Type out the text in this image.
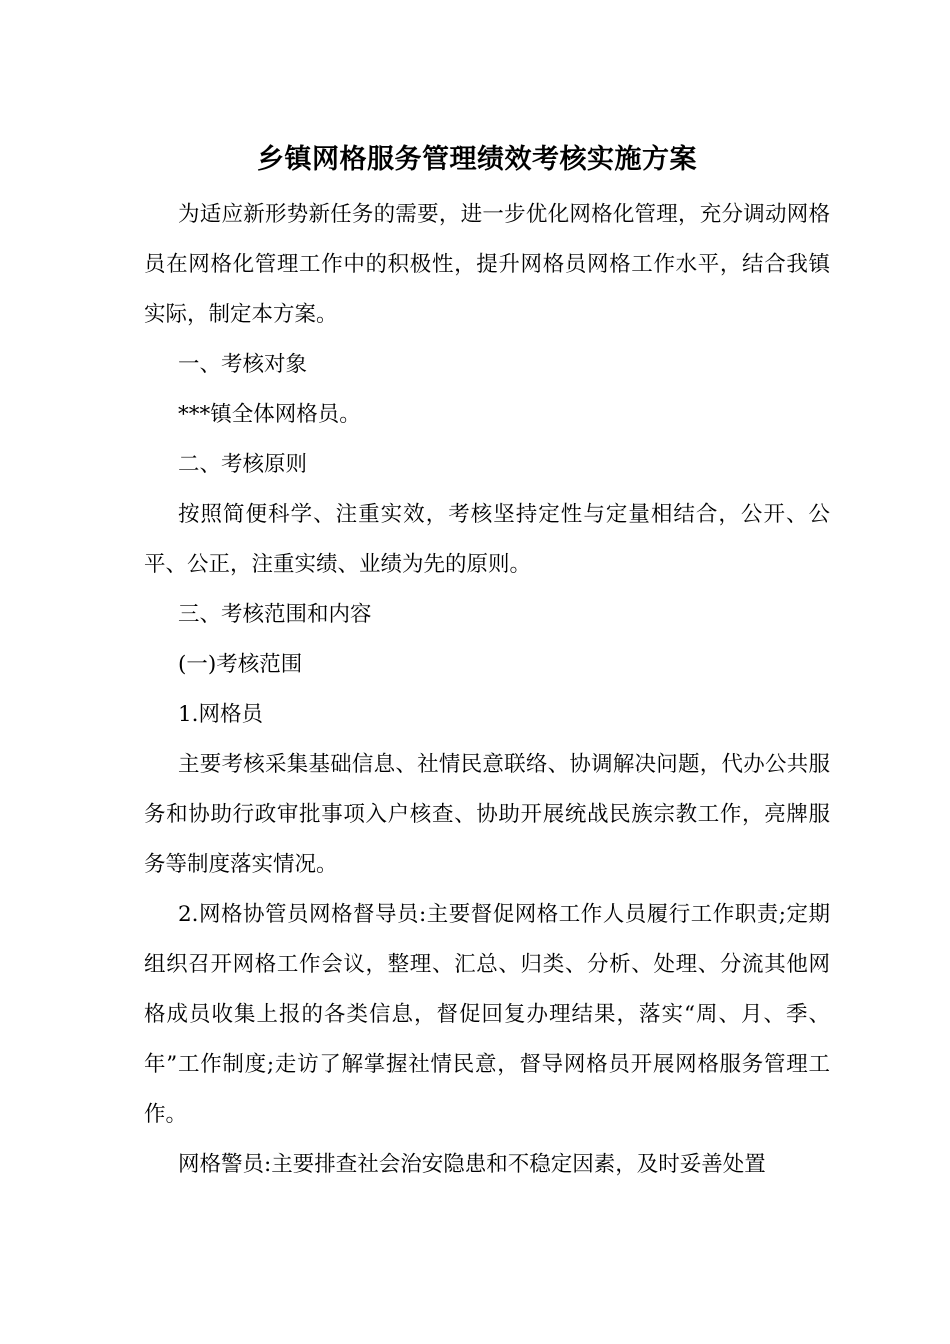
乡镇网格服务管理绩效考核实施方案

为适应新形势新任务的需要，进一步优化网格化管理，充分调动网格员在网格化管理工作中的积极性，提升网格员网格工作水平，结合我镇实际，制定本方案。

一、考核对象

***镇全体网格员。

二、考核原则

按照简便科学、注重实效，考核坚持定性与定量相结合，公开、公平、公正，注重实绩、业绩为先的原则。

三、考核范围和内容

(一)考核范围

1.网格员

主要考核采集基础信息、社情民意联络、协调解决问题，代办公共服务和协助行政审批事项入户核查、协助开展统战民族宗教工作，亮牌服务等制度落实情况。

2.网格协管员网格督导员:主要督促网格工作人员履行工作职责;定期组织召开网格工作会议，整理、汇总、归类、分析、处理、分流其他网格成员收集上报的各类信息，督促回复办理结果，落实“周、月、季、年”工作制度;走访了解掌握社情民意，督导网格员开展网格服务管理工作。

网格警员:主要排查社会治安隐患和不稳定因素，及时妥善处置
